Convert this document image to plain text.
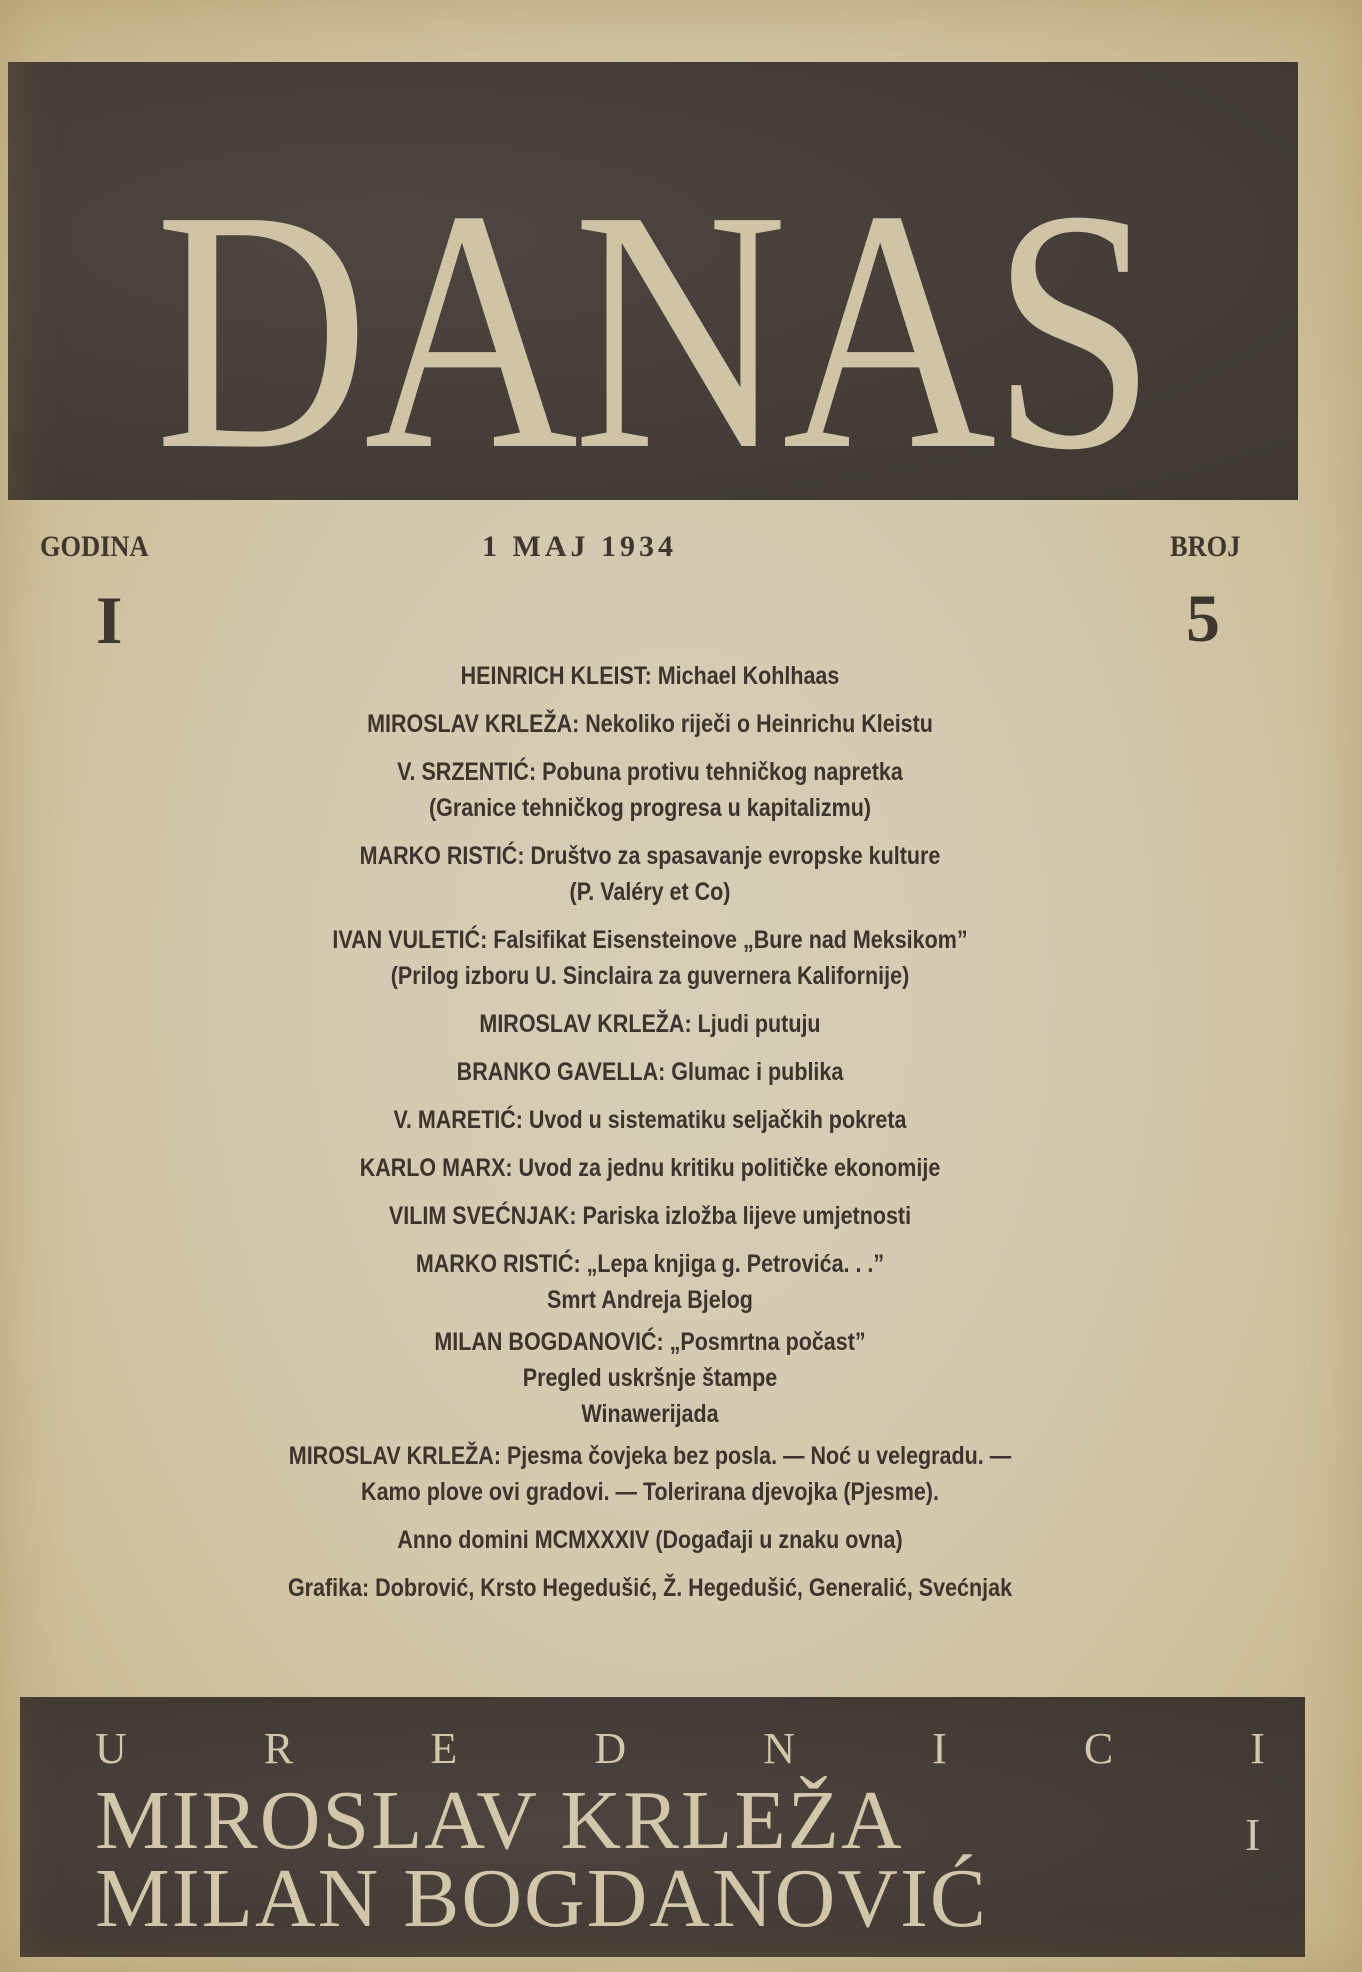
DANAS
GODINA	1 MAJ 1934	BROJ
I	5
HEINRICH KLEIST: Michael Kohlhaas
MIROSLAV KRLEŽA: Nekoliko riječi o Heinrichu Kleistu
V. SRZENTIĆ: Pobuna protivu tehničkog napretka
(Granice tehničkog progresa u kapitalizmu)
MARKO RISTIĆ: Društvo za spasavanje evropske kulture
(P. Valéry et Co)
IVAN VULETIĆ: Falsifikat Eisensteinove „Bure nad Meksikom”
(Prilog izboru U. Sinclaira za guvernera Kalifornije)
MIROSLAV KRLEŽA: Ljudi putuju
BRANKO GAVELLA: Glumac i publika
V. MARETIĆ: Uvod u sistematiku seljačkih pokreta
KARLO MARX: Uvod za jednu kritiku političke ekonomije
VILIM SVEĆNJAK: Pariska izložba lijeve umjetnosti
MARKO RISTIĆ: „Lepa knjiga g. Petrovića. . .”
Smrt Andreja Bjelog
MILAN BOGDANOVIĆ: „Posmrtna počast”
Pregled uskršnje štampe
Winawerijada
MIROSLAV KRLEŽA: Pjesma čovjeka bez posla. — Noć u velegradu. —
Kamo plove ovi gradovi. — Tolerirana djevojka (Pjesme).
Anno domini MCMXXXIV (Događaji u znaku ovna)
Grafika: Dobrović, Krsto Hegedušić, Ž. Hegedušić, Generalić, Svećnjak
U	R	E	D	N	I	C	I
MIROSLAV KRLEŽA	I
MILAN BOGDANOVIĆ
